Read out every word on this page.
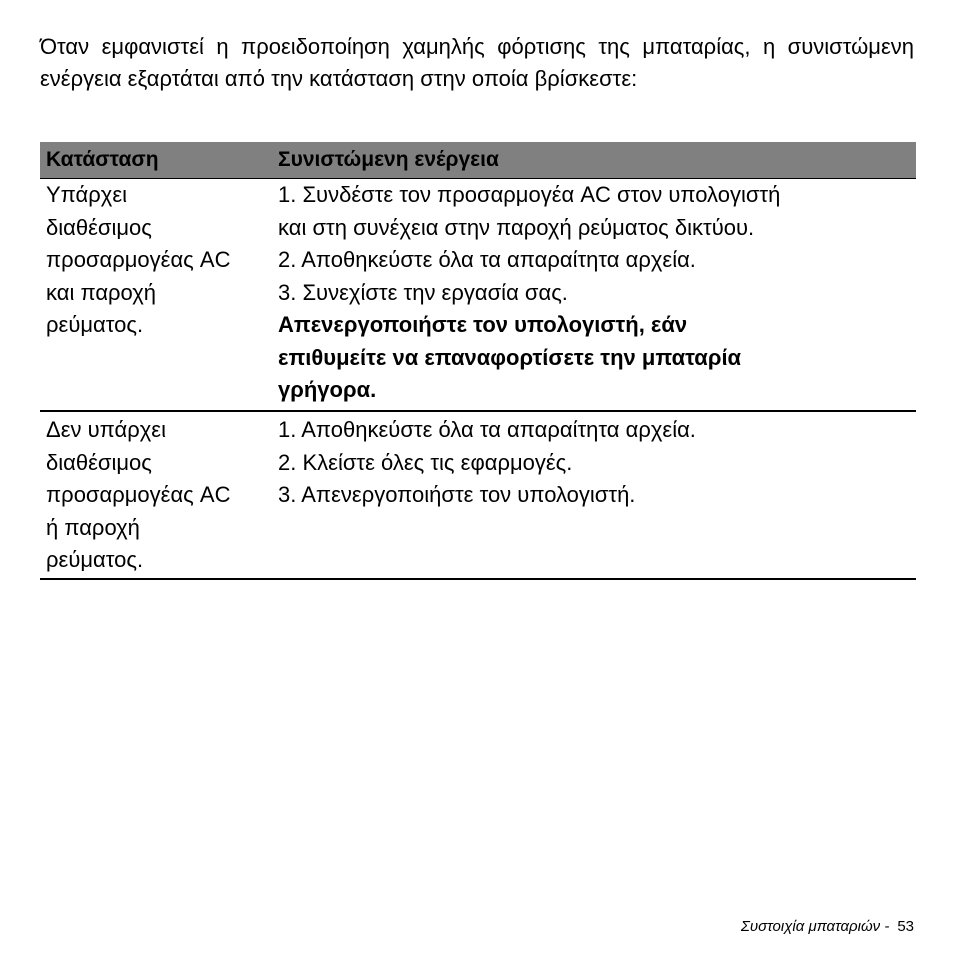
Όταν εμφανιστεί η προειδοποίηση χαμηλής φόρτισης της μπαταρίας, η συνιστώμενη ενέργεια εξαρτάται από την κατάσταση στην οποία βρίσκεστε:

Κατάσταση	Συνιστώμενη ενέργεια
Υπάρχει
διαθέσιμος
προσαρμογέας AC
και παροχή
ρεύματος.
1. Συνδέστε τον προσαρμογέα AC στον υπολογιστή
και στη συνέχεια στην παροχή ρεύματος δικτύου.
2. Αποθηκεύστε όλα τα απαραίτητα αρχεία.
3. Συνεχίστε την εργασία σας.
Απενεργοποιήστε τον υπολογιστή, εάν
επιθυμείτε να επαναφορτίσετε την μπαταρία
γρήγορα.
Δεν υπάρχει
διαθέσιμος
προσαρμογέας AC
ή παροχή
ρεύματος.
1. Αποθηκεύστε όλα τα απαραίτητα αρχεία.
2. Κλείστε όλες τις εφαρμογές.
3. Απενεργοποιήστε τον υπολογιστή.
Συστοιχία μπαταριών - 53
